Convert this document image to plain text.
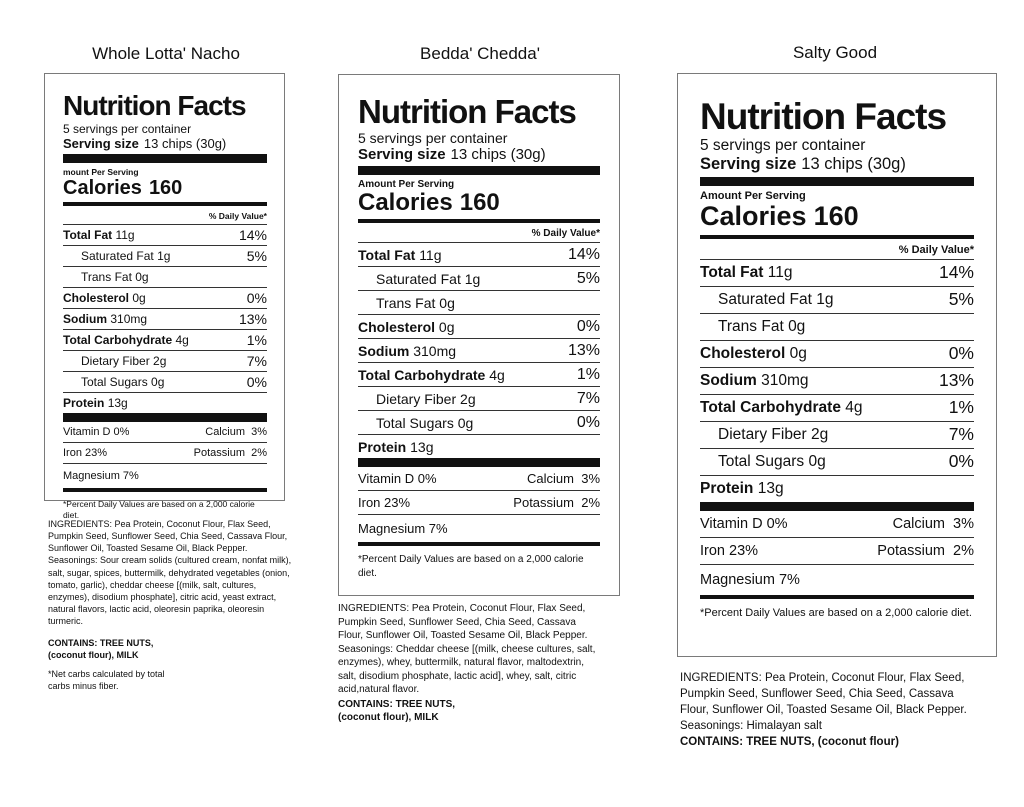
Whole Lotta' Nacho	Bedda' Chedda'	Salty Good
Nutrition Facts
5 servings per container
Serving size 13 chips (30g)
mount Per Serving
Calories 160
% Daily Value*
Total Fat 11g	14%
Saturated Fat 1g	5%
Trans Fat 0g
Cholesterol 0g	0%
Sodium 310mg	13%
Total Carbohydrate 4g	1%
Dietary Fiber 2g	7%
Total Sugars 0g	0%
Protein 13g
Vitamin D 0%	Calcium  3%
Iron 23%	Potassium  2%
Magnesium 7%
*Percent Daily Values are based on a 2,000 calorie diet.
Nutrition Facts
5 servings per container
Serving size 13 chips (30g)
Amount Per Serving
Calories 160
% Daily Value*
Total Fat 11g	14%
Saturated Fat 1g	5%
Trans Fat 0g
Cholesterol 0g	0%
Sodium 310mg	13%
Total Carbohydrate 4g	1%
Dietary Fiber 2g	7%
Total Sugars 0g	0%
Protein 13g
Vitamin D 0%	Calcium  3%
Iron 23%	Potassium  2%
Magnesium 7%
*Percent Daily Values are based on a 2,000 calorie diet.
Nutrition Facts
5 servings per container
Serving size 13 chips (30g)
Amount Per Serving
Calories 160
% Daily Value*
Total Fat 11g	14%
Saturated Fat 1g	5%
Trans Fat 0g
Cholesterol 0g	0%
Sodium 310mg	13%
Total Carbohydrate 4g	1%
Dietary Fiber 2g	7%
Total Sugars 0g	0%
Protein 13g
Vitamin D 0%	Calcium  3%
Iron 23%	Potassium  2%
Magnesium 7%
*Percent Daily Values are based on a 2,000 calorie diet.
INGREDIENTS: Pea Protein, Coconut Flour, Flax Seed, Pumpkin Seed, Sunflower Seed, Chia Seed, Cassava Flour, Sunflower Oil, Toasted Sesame Oil, Black Pepper. Seasonings: Sour cream solids (cultured cream, nonfat milk), salt, sugar, spices, buttermilk, dehydrated vegetables (onion, tomato, garlic), cheddar cheese [(milk, salt, cultures, enzymes), disodium phosphate], citric acid, yeast extract, natural flavors, lactic acid, oleoresin paprika, oleoresin turmeric.
CONTAINS: TREE NUTS, (coconut flour), MILK
*Net carbs calculated by total carbs minus fiber.
INGREDIENTS: Pea Protein, Coconut Flour, Flax Seed, Pumpkin Seed, Sunflower Seed, Chia Seed, Cassava Flour, Sunflower Oil, Toasted Sesame Oil, Black Pepper. Seasonings: Cheddar cheese [(milk, cheese cultures, salt, enzymes), whey, buttermilk, natural flavor, maltodextrin, salt, disodium phosphate, lactic acid], whey, salt, citric acid,natural flavor.
CONTAINS: TREE NUTS, (coconut flour), MILK
INGREDIENTS: Pea Protein, Coconut Flour, Flax Seed, Pumpkin Seed, Sunflower Seed, Chia Seed, Cassava Flour, Sunflower Oil, Toasted Sesame Oil, Black Pepper. Seasonings: Himalayan salt
CONTAINS: TREE NUTS, (coconut flour)
